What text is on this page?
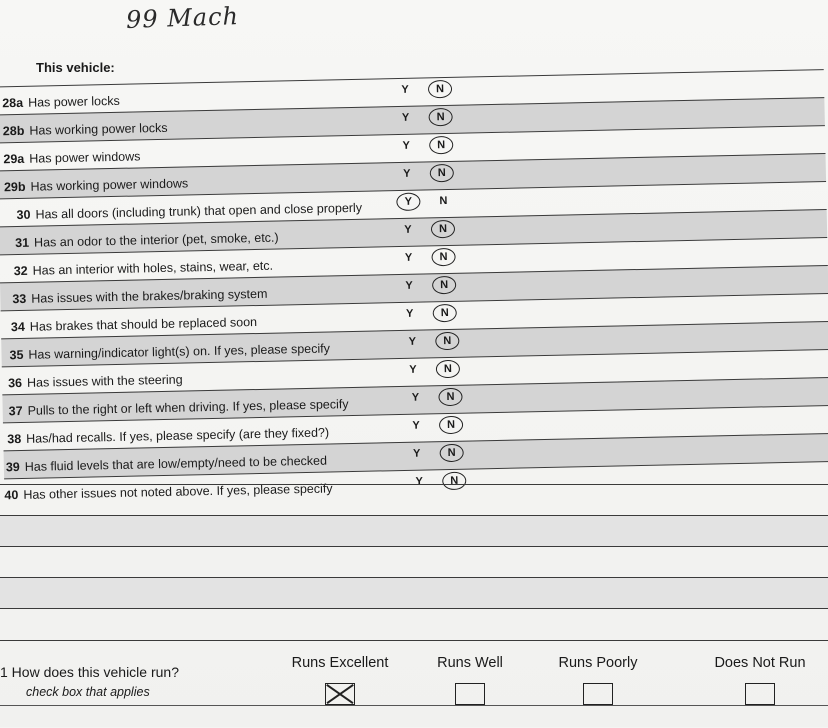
99 Mach
This vehicle:
28a Has power locks
Y	N
28b Has working power locks
Y	N
29a Has power windows
Y	N
29b Has working power windows
Y	N
30 Has all doors (including trunk) that open and close properly	Y	N
31 Has an odor to the interior (pet, smoke, etc.)
Y	N
32 Has an interior with holes, stains, wear, etc.
Y	N
33 Has issues with the brakes/braking system
Y	N
34 Has brakes that should be replaced soon
Y	N
35 Has warning/indicator light(s) on. If yes, please specify	Y	N
36 Has issues with the steering
Y	N
37 Pulls to the right or left when driving. If yes, please specify	Y	N
38 Has/had recalls. If yes, please specify (are they fixed?)	Y	N
39 Has fluid levels that are low/empty/need to be checked	Y	N
40 Has other issues not noted above. If yes, please specify	Y	N
1 How does this vehicle run?
check box that applies
Runs Excellent	Runs Well	Runs Poorly	Does Not Run
